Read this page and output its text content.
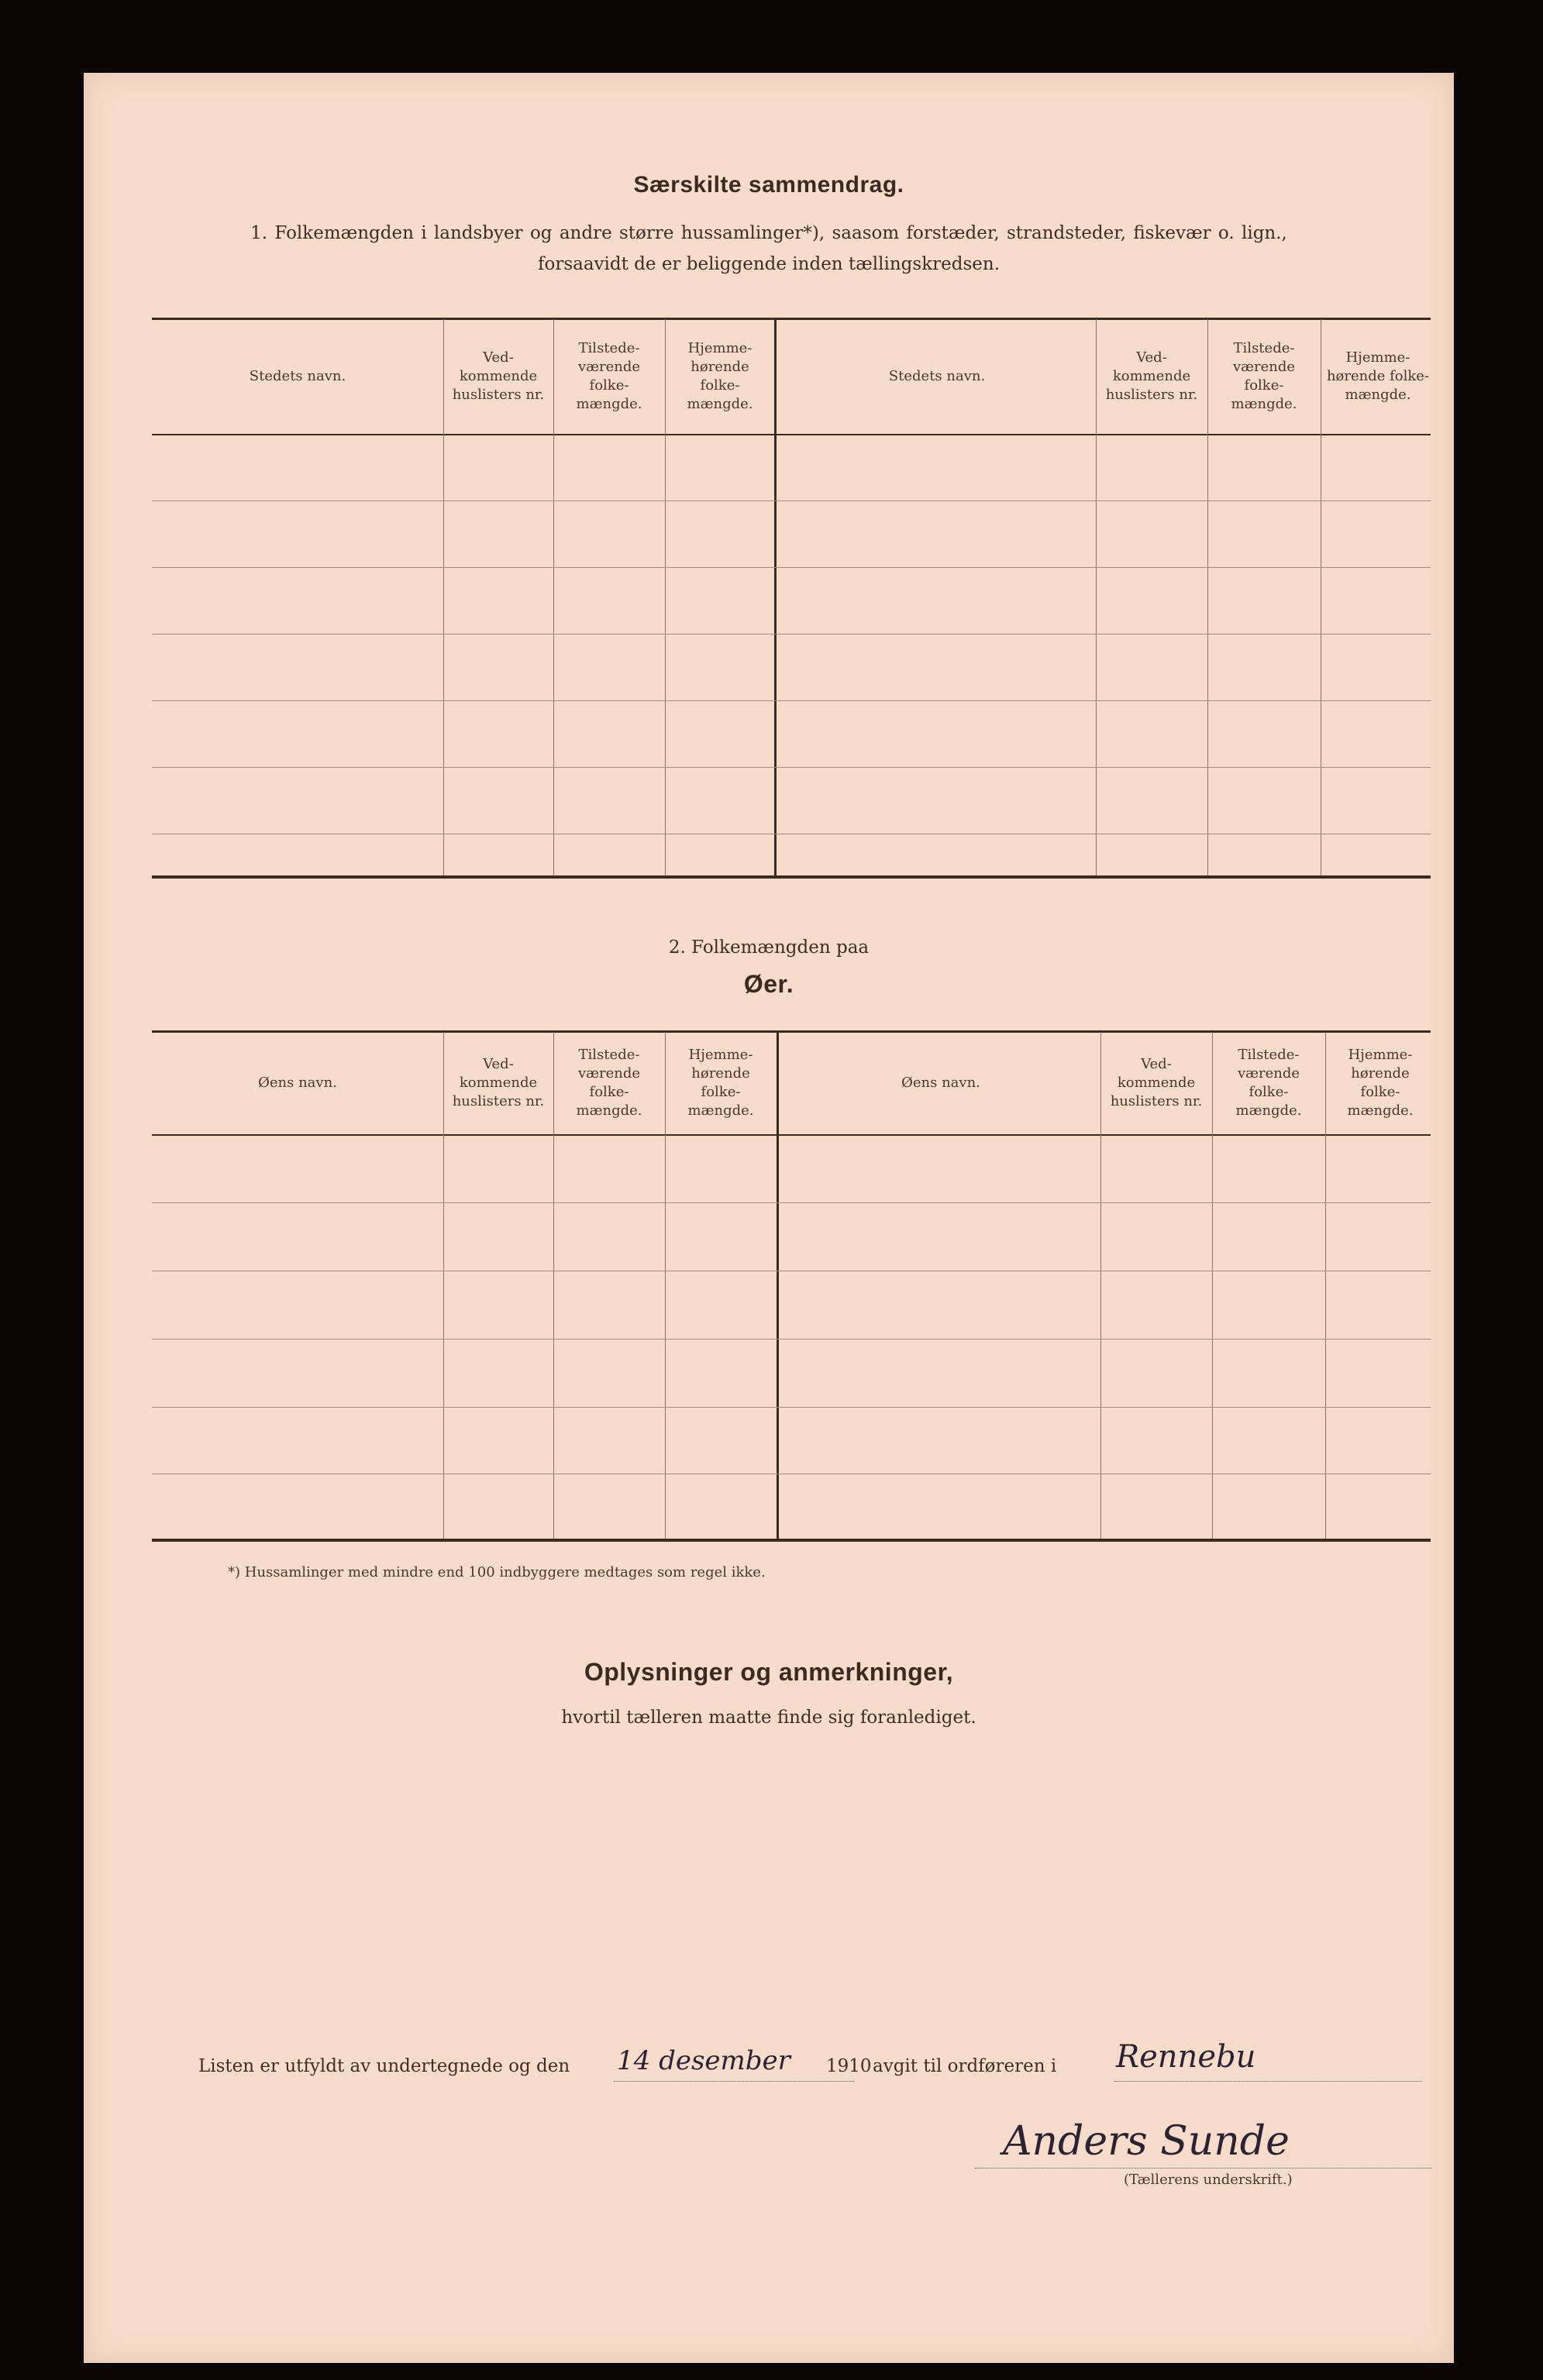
Særskilte sammendrag.
1. Folkemængden i landsbyer og andre større hussamlinger*), saasom forstæder, strandsteder, fiskevær o. lign.,
forsaavidt de er beliggende inden tællingskredsen.
Stedets navn.
Ved-kommende huslisters nr.
Tilstede-værende folke-mængde.
Hjemme-hørende folke-mængde.
Stedets navn.
Ved-kommende huslisters nr.
Tilstede-værende folke-mængde.
Hjemme-hørende folke-mængde.
2. Folkemængden paa
Øer.
Øens navn.
Ved-kommende huslisters nr.
Tilstede-værende folke-mængde.
Hjemme-hørende folke-mængde.
Øens navn.
Ved-kommende huslisters nr.
Tilstede-værende folke-mængde.
Hjemme-hørende folke-mængde.
*) Hussamlinger med mindre end 100 indbyggere medtages som regel ikke.
Oplysninger og anmerkninger,
hvortil tælleren maatte finde sig foranlediget.
Listen er utfyldt av undertegnede og den 14 desember 1910 avgit til ordføreren i Rennebu
Anders Sunde
(Tællerens underskrift.)
